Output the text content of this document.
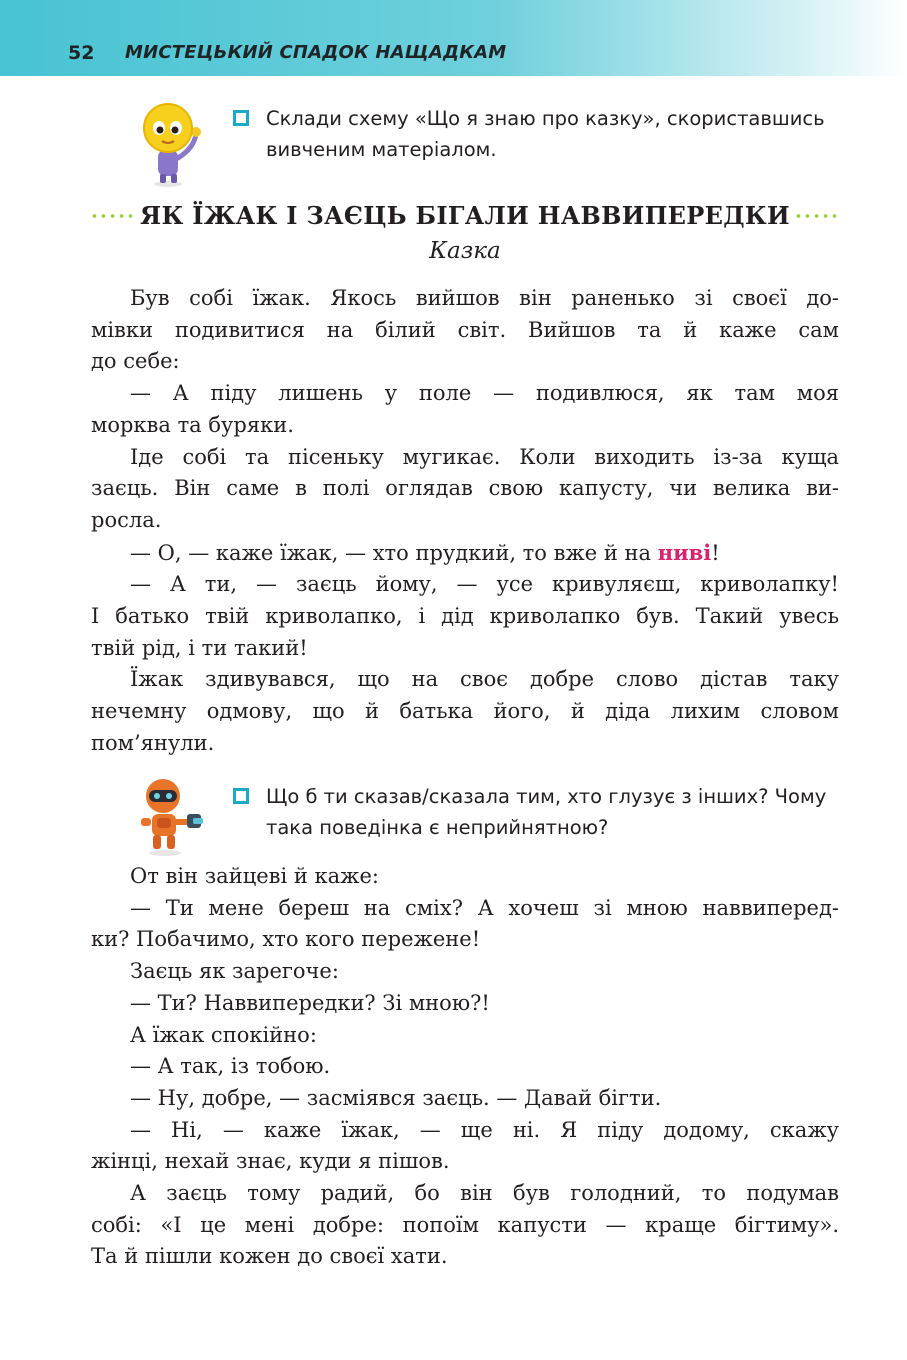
52 МИСТЕЦЬКИЙ СПАДОК НАЩАДКАМ
Склади схему «Що я знаю про казку», скориставшись
вивченим матеріалом.
ЯК ЇЖАК І ЗАЄЦЬ БІГАЛИ НАВВИПЕРЕДКИ
Казка

Був собі їжак. Якось вийшов він раненько зі своєї до-
мівки подивитися на білий світ. Вийшов та й каже сам
до себе:

— А піду лишень у поле — подивлюся, як там моя
морква та буряки.

Іде собі та пісеньку мугикає. Коли виходить із-за куща
заєць. Він саме в полі оглядав свою капусту, чи велика ви-
росла.

— О, — каже їжак, — хто прудкий, то вже й на ниві!

— А ти, — заєць йому, — усе кривуляєш, криволапку!
І батько твій криволапко, і дід криволапко був. Такий увесь
твій рід, і ти такий!

Їжак здивувався, що на своє добре слово дістав таку
нечемну одмову, що й батька його, й діда лихим словом
пом’янули.

Що б ти сказав/сказала тим, хто глузує з інших? Чому
така поведінка є неприйнятною?

От він зайцеві й каже:

— Ти мене береш на сміх? А хочеш зі мною наввиперед-
ки? Побачимо, хто кого пережене!

Заєць як зарегоче:

— Ти? Наввипередки? Зі мною?!

А їжак спокійно:

— А так, із тобою.

— Ну, добре, — засміявся заєць. — Давай бігти.

— Ні, — каже їжак, — ще ні. Я піду додому, скажу
жінці, нехай знає, куди я пішов.

А заєць тому радий, бо він був голодний, то подумав
собі: «І це мені добре: попоїм капусти — краще бігтиму».
Та й пішли кожен до своєї хати.
